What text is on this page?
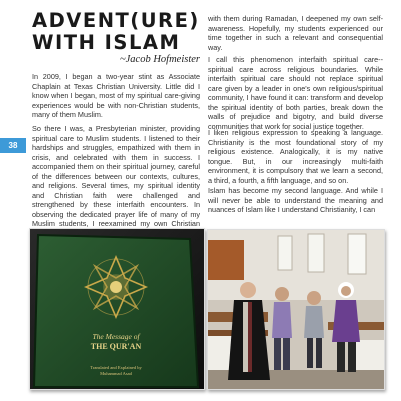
38
ADVENT(URE)
WITH ISLAM
~Jacob Hofmeister

In 2009, I began a two-year stint as Associate Chaplain at Texas Christian University. Little did I know when I began, most of my spiritual care-giving experiences would be with non-Christian students, many of them Muslim.

So there I was, a Presbyterian minister, providing spiritual care to Muslim students. I listened to their hardships and struggles, empathized with them in crisis, and celebrated with them in success. I accompanied them on their spiritual journey, careful of the differences between our contexts, cultures, and religions. Several times, my spiritual identity and Christian faith were challenged and strengthened by these interfaith encounters. In observing the dedicated prayer life of many of my Muslim students, I reexamined my own Christian

with them during Ramadan, I deepened my own self-awareness. Hopefully, my students experienced our time together in such a relevant and consequential way.

I call this phenomenon interfaith spiritual care--spiritual care across religious boundaries. While interfaith spiritual care should not replace spiritual care given by a leader in one's own religious/spiritual community, I have found it can: transform and develop the spiritual identity of both parties, break down the walls of prejudice and bigotry, and build diverse communities that work for social justice together.

I liken religious expression to speaking a language. Christianity is the most foundational story of my religious existence. Analogically, it is my native tongue. But, in our increasingly multi-faith environment, it is compulsory that we learn a second, a third, a fourth, a fifth language, and so on.

Islam has become my second language. And while I will never be able to understand the meaning and nuances of Islam like I understand Christianity, I can

The Message of
THE QUR'AN
Translated and Explained by
Muhammad Asad
